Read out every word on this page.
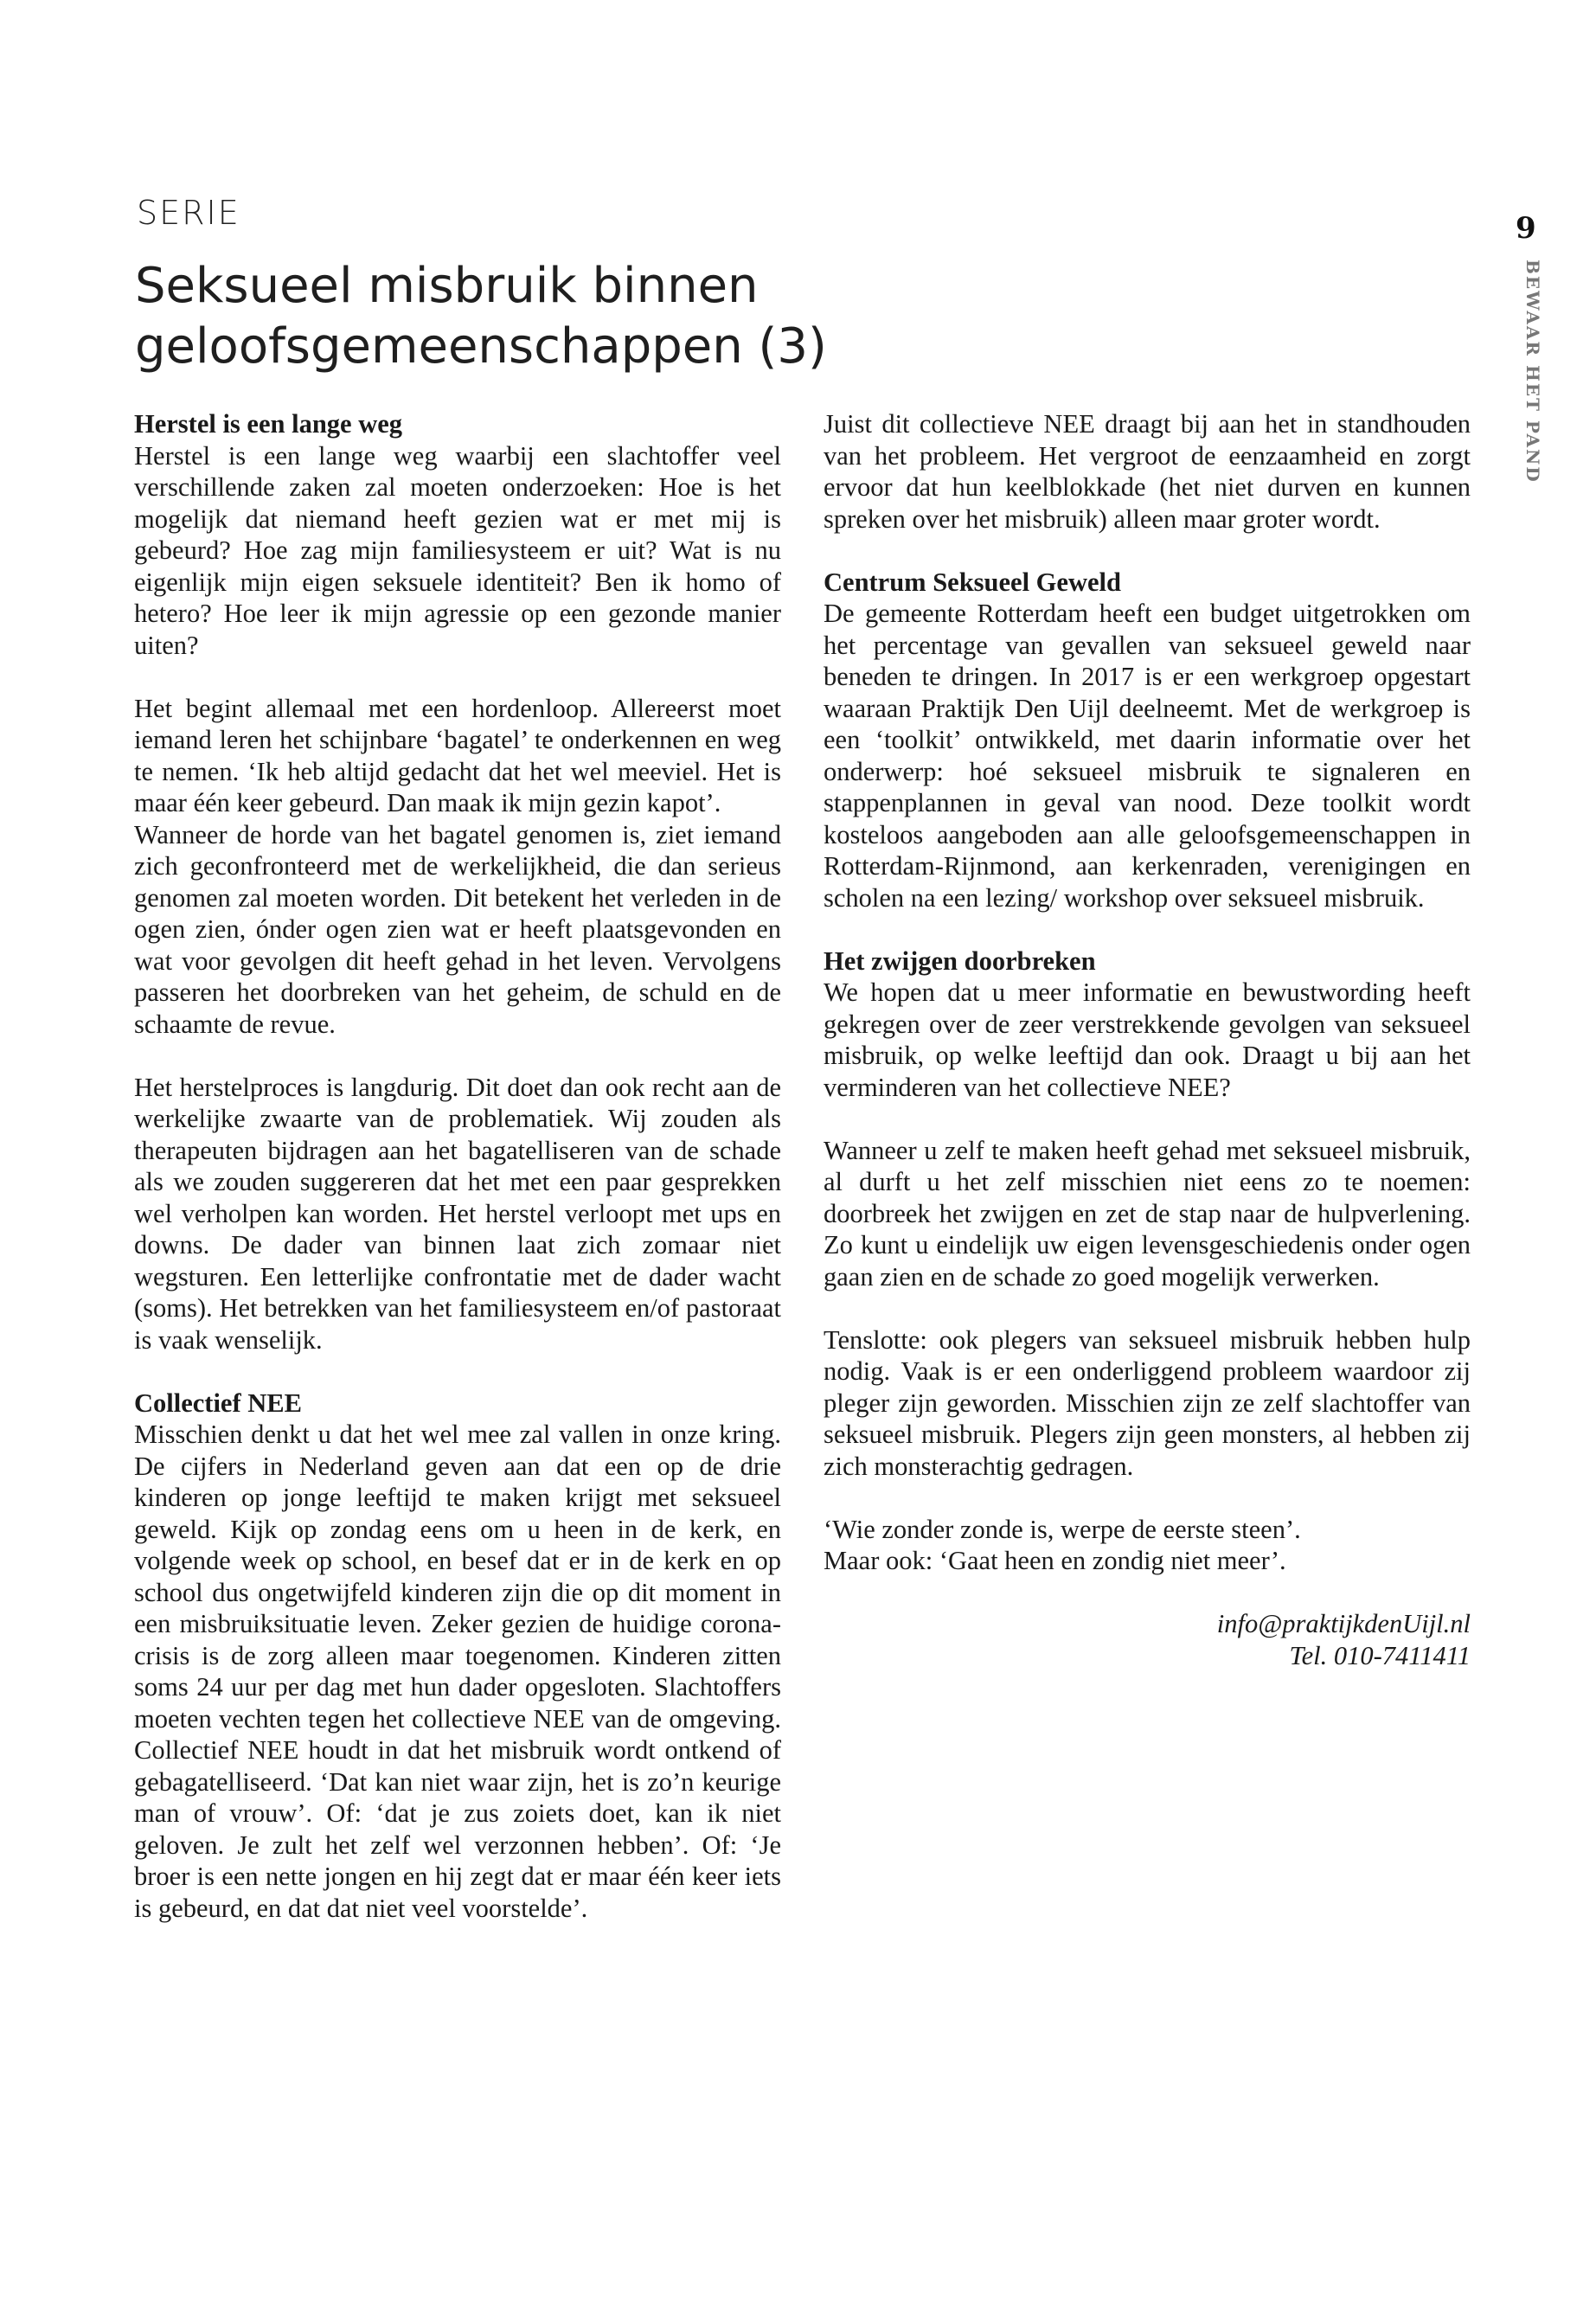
SERIE
Seksueel misbruik binnen geloofsgemeenschappen (3)
9
BEWAAR HET PAND
Herstel is een lange weg

Herstel is een lange weg waarbij een slachtoffer veel verschillende zaken zal moeten onderzoeken: Hoe is het mogelijk dat niemand heeft gezien wat er met mij is gebeurd? Hoe zag mijn familiesysteem er uit? Wat is nu eigenlijk mijn eigen seksuele identiteit? Ben ik homo of hetero? Hoe leer ik mijn agressie op een gezonde manier uiten?

Het begint allemaal met een hordenloop. Allereerst moet iemand leren het schijnbare ‘bagatel’ te onderkennen en weg te nemen. ‘Ik heb altijd gedacht dat het wel meeviel. Het is maar één keer gebeurd. Dan maak ik mijn gezin kapot’.

Wanneer de horde van het bagatel genomen is, ziet iemand zich geconfronteerd met de werkelijkheid, die dan serieus genomen zal moeten worden. Dit betekent het verleden in de ogen zien, ónder ogen zien wat er heeft plaatsgevonden en wat voor gevolgen dit heeft gehad in het leven. Vervolgens passeren het doorbreken van het geheim, de schuld en de schaamte de revue.

Het herstelproces is langdurig. Dit doet dan ook recht aan de werkelijke zwaarte van de problematiek. Wij zouden als therapeuten bijdragen aan het bagatelliseren van de schade als we zouden suggereren dat het met een paar gesprekken wel verholpen kan worden. Het herstel verloopt met ups en downs. De dader van binnen laat zich zomaar niet wegsturen. Een letterlijke confrontatie met de dader wacht (soms). Het betrekken van het familiesysteem en/of pastoraat is vaak wenselijk.

Collectief NEE

Misschien denkt u dat het wel mee zal vallen in onze kring. De cijfers in Nederland geven aan dat een op de drie kinderen op jonge leeftijd te maken krijgt met seksueel geweld. Kijk op zondag eens om u heen in de kerk, en volgende week op school, en besef dat er in de kerk en op school dus ongetwijfeld kinderen zijn die op dit moment in een misbruiksituatie leven. Zeker gezien de huidige corona-crisis is de zorg alleen maar toegenomen. Kinderen zitten soms 24 uur per dag met hun dader opgesloten. Slachtoffers moeten vechten tegen het collectieve NEE van de omgeving. Collectief NEE houdt in dat het misbruik wordt ontkend of gebagatelliseerd. ‘Dat kan niet waar zijn, het is zo’n keurige man of vrouw’. Of: ‘dat je zus zoiets doet, kan ik niet geloven. Je zult het zelf wel verzonnen hebben’. Of: ‘Je broer is een nette jongen en hij zegt dat er maar één keer iets is gebeurd, en dat dat niet veel voorstelde’.

Juist dit collectieve NEE draagt bij aan het in standhouden van het probleem. Het vergroot de eenzaamheid en zorgt ervoor dat hun keelblokkade (het niet durven en kunnen spreken over het misbruik) alleen maar groter wordt.

Centrum Seksueel Geweld

De gemeente Rotterdam heeft een budget uitgetrokken om het percentage van gevallen van seksueel geweld naar beneden te dringen. In 2017 is er een werkgroep opgestart waaraan Praktijk Den Uijl deelneemt. Met de werkgroep is een ‘toolkit’ ontwikkeld, met daarin informatie over het onderwerp: hoé seksueel misbruik te signaleren en stappenplannen in geval van nood. Deze toolkit wordt kosteloos aangeboden aan alle geloofsgemeenschappen in Rotterdam-Rijnmond, aan kerkenraden, verenigingen en scholen na een lezing/ workshop over seksueel misbruik.

Het zwijgen doorbreken

We hopen dat u meer informatie en bewustwording heeft gekregen over de zeer verstrekkende gevolgen van seksueel misbruik, op welke leeftijd dan ook. Draagt u bij aan het verminderen van het collectieve NEE?

Wanneer u zelf te maken heeft gehad met seksueel misbruik, al durft u het zelf misschien niet eens zo te noemen: doorbreek het zwijgen en zet de stap naar de hulpverlening. Zo kunt u eindelijk uw eigen levensgeschiedenis onder ogen gaan zien en de schade zo goed mogelijk verwerken.

Tenslotte: ook plegers van seksueel misbruik hebben hulp nodig. Vaak is er een onderliggend probleem waardoor zij pleger zijn geworden. Misschien zijn ze zelf slachtoffer van seksueel misbruik. Plegers zijn geen monsters, al hebben zij zich monsterachtig gedragen.

‘Wie zonder zonde is, werpe de eerste steen’.
Maar ook: ‘Gaat heen en zondig niet meer’.
info@praktijkdenUijl.nl
Tel. 010-7411411
